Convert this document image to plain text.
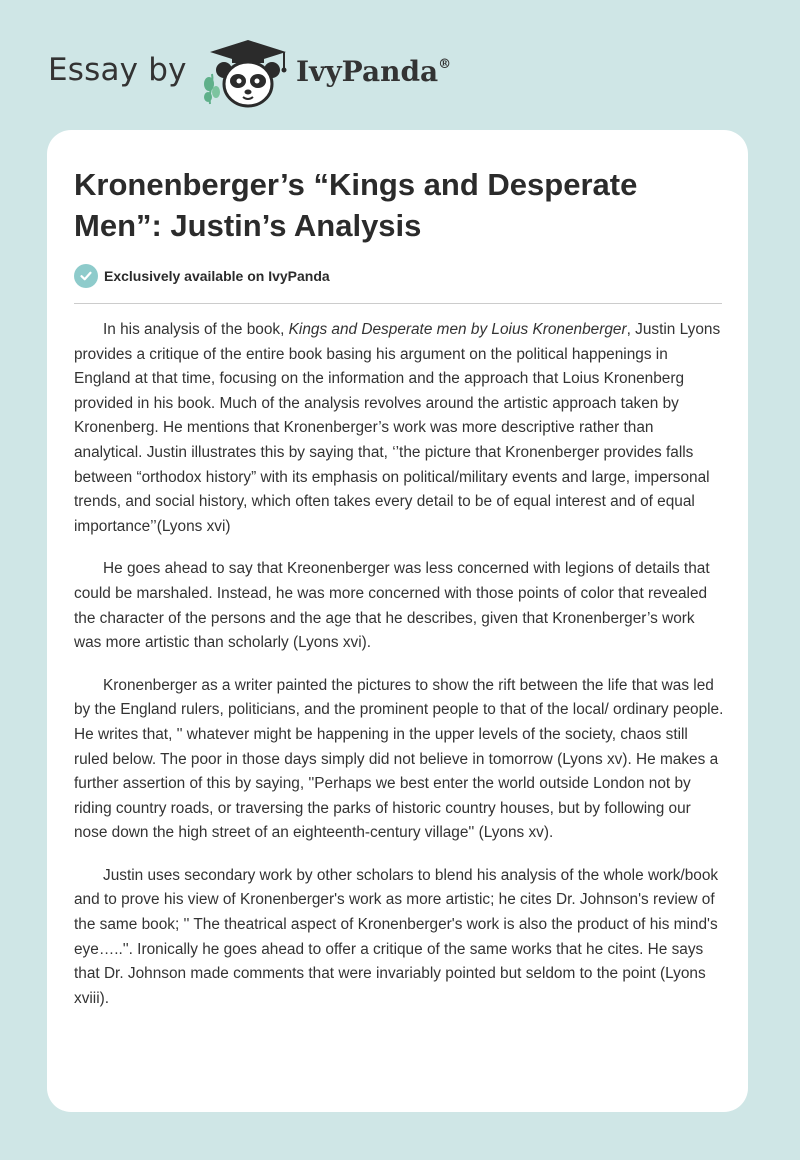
Essay by	IvyPanda®
Kronenberger’s “Kings and Desperate Men”: Justin’s Analysis
Exclusively available on IvyPanda

In his analysis of the book, Kings and Desperate men by Loius Kronenberger, Justin Lyons provides a critique of the entire book basing his argument on the political happenings in England at that time, focusing on the information and the approach that Loius Kronenberg provided in his book. Much of the analysis revolves around the artistic approach taken by Kronenberg. He mentions that Kronenberger’s work was more descriptive rather than analytical. Justin illustrates this by saying that, ‘’the picture that Kronenberger provides falls between “orthodox history” with its emphasis on political/military events and large, impersonal trends, and social history, which often takes every detail to be of equal interest and of equal importance’’(Lyons xvi)

He goes ahead to say that Kreonenberger was less concerned with legions of details that could be marshaled. Instead, he was more concerned with those points of color that revealed the character of the persons and the age that he describes, given that Kronenberger’s work was more artistic than scholarly (Lyons xvi).

Kronenberger as a writer painted the pictures to show the rift between the life that was led by the England rulers, politicians, and the prominent people to that of the local/ ordinary people. He writes that, '' whatever might be happening in the upper levels of the society, chaos still ruled below. The poor in those days simply did not believe in tomorrow (Lyons xv). He makes a further assertion of this by saying, ''Perhaps we best enter the world outside London not by riding country roads, or traversing the parks of historic country houses, but by following our nose down the high street of an eighteenth-century village'' (Lyons xv).

Justin uses secondary work by other scholars to blend his analysis of the whole work/book and to prove his view of Kronenberger's work as more artistic; he cites Dr. Johnson's review of the same book; '' The theatrical aspect of Kronenberger's work is also the product of his mind's eye…..''. Ironically he goes ahead to offer a critique of the same works that he cites. He says that Dr. Johnson made comments that were invariably pointed but seldom to the point (Lyons xviii).
